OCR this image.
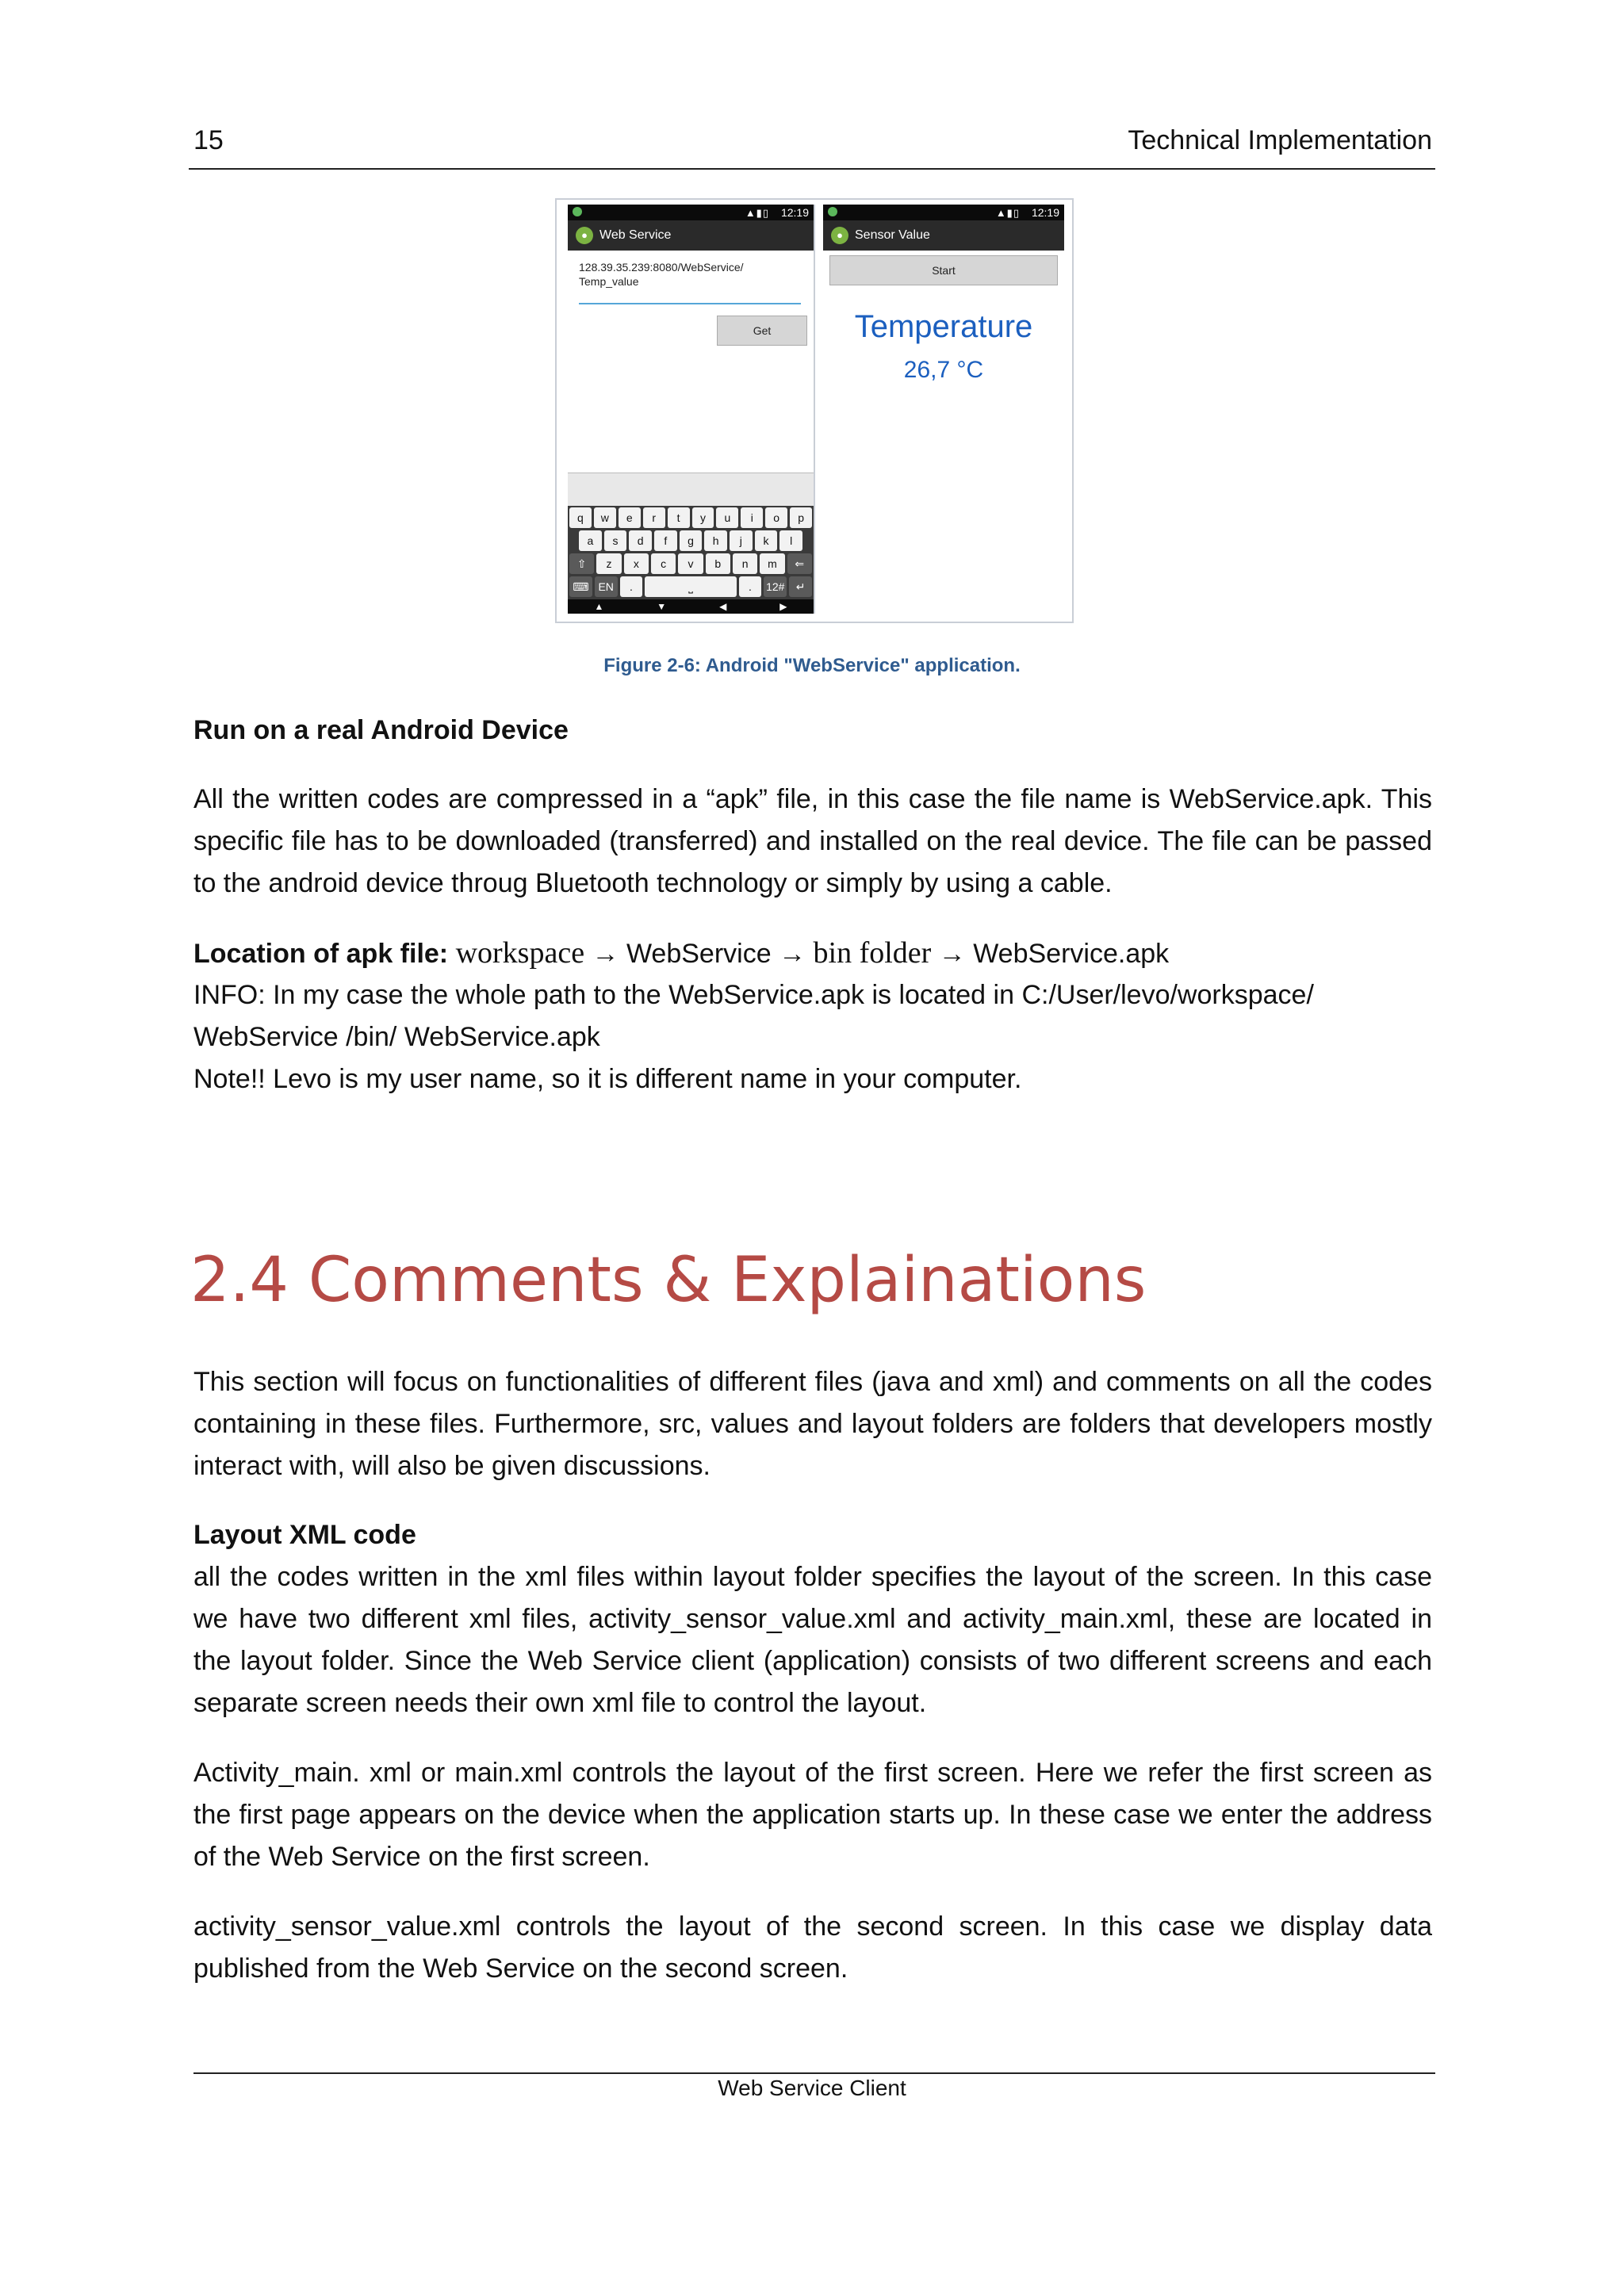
15	Technical Implementation
▲▮▯ 12:19
● Web Service
128.39.35.239:8080/WebService/
Temp_value
Get
q	w	e	r	t	y	u	i	o	p
a	s	d	f	g	h	j	k	l
⇧	z	x	c	v	b	n	m	⇐
⌨ EN	.	⎵	.	12#	↵
▲	▼	◀	▶
▲▮▯ 12:19
● Sensor Value
Start
Temperature
26,7 °C
Figure 2-6: Android "WebService" application.
Run on a real Android Device
All the written codes are compressed in a “apk” file, in this case the file name is WebService.apk. This specific file has to be downloaded (transferred) and installed on the real device. The file can be passed to the android device throug Bluetooth technology or simply by using a cable.
Location of apk file: workspace → WebService → bin folder → WebService.apk
INFO: In my case the whole path to the WebService.apk is located in C:/User/levo/workspace/
WebService /bin/ WebService.apk
Note!! Levo is my user name, so it is different name in your computer.
2.4 Comments & Explainations
This section will focus on functionalities of different files (java and xml) and comments on all the codes containing in these files. Furthermore, src, values and layout folders are folders that developers mostly interact with, will also be given discussions.
Layout XML code
all the codes written in the xml files within layout folder specifies the layout of the screen. In this case we have two different xml files, activity_sensor_value.xml and activity_main.xml, these are located in the layout folder. Since the Web Service client (application) consists of two different screens and each separate screen needs their own xml file to control the layout.
Activity_main. xml or main.xml controls the layout of the first screen. Here we refer the first screen as the first page appears on the device when the application starts up. In these case we enter the address of the Web Service on the first screen.
activity_sensor_value.xml controls the layout of the second screen. In this case we display data published from the Web Service on the second screen.
Web Service Client
